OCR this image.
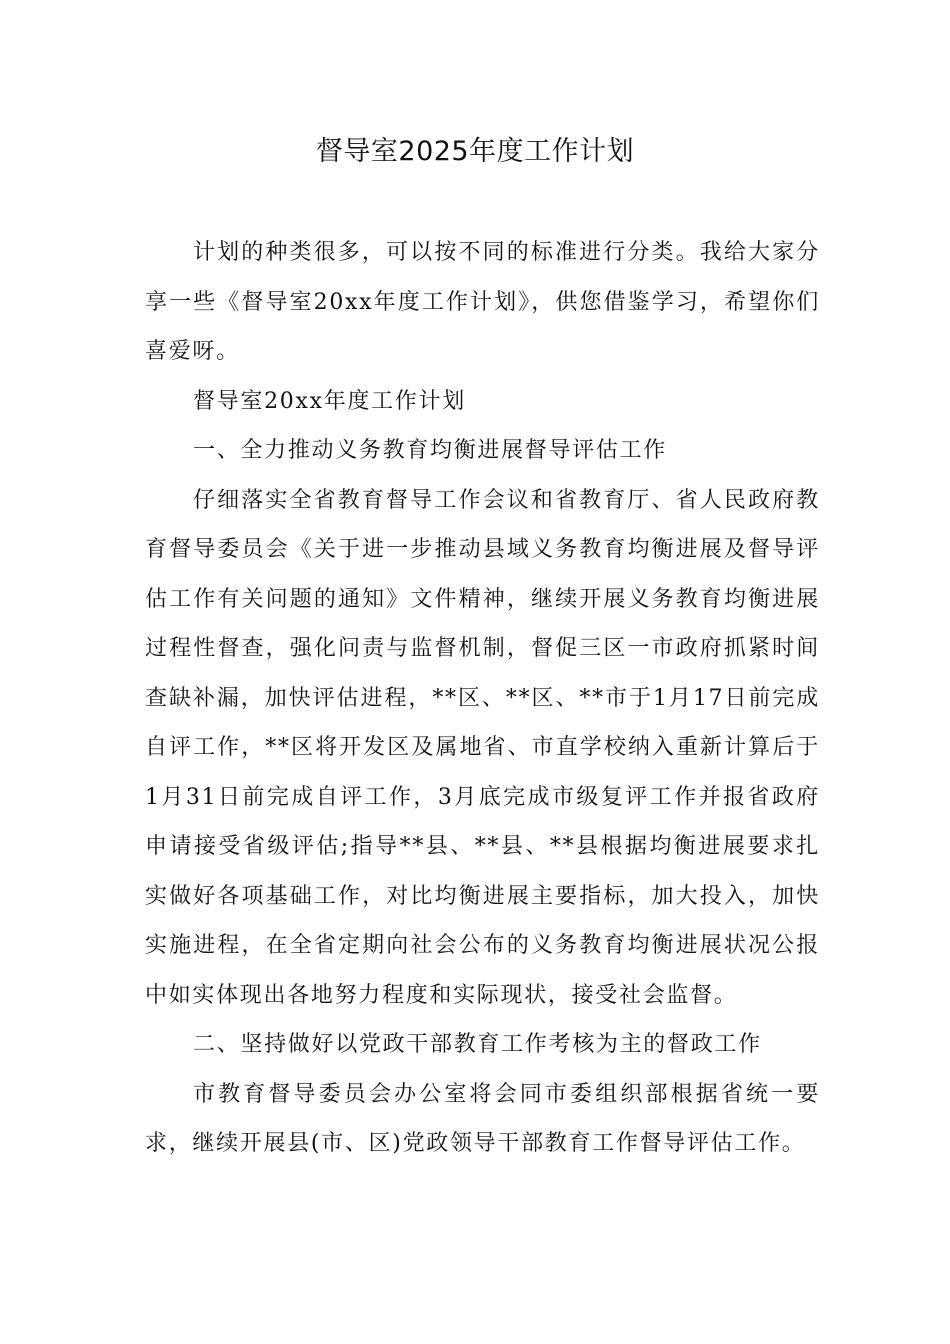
督导室2025年度工作计划

计划的种类很多，可以按不同的标准进行分类。我给大家分享一些《督导室20xx年度工作计划》，供您借鉴学习，希望你们喜爱呀。

督导室20xx年度工作计划

一、全力推动义务教育均衡进展督导评估工作

仔细落实全省教育督导工作会议和省教育厅、省人民政府教育督导委员会《关于进一步推动县域义务教育均衡进展及督导评估工作有关问题的通知》文件精神，继续开展义务教育均衡进展过程性督查，强化问责与监督机制，督促三区一市政府抓紧时间查缺补漏，加快评估进程，**区、**区、**市于1月17日前完成自评工作，**区将开发区及属地省、市直学校纳入重新计算后于1月31日前完成自评工作，3月底完成市级复评工作并报省政府申请接受省级评估;指导**县、**县、**县根据均衡进展要求扎实做好各项基础工作，对比均衡进展主要指标，加大投入，加快实施进程，在全省定期向社会公布的义务教育均衡进展状况公报中如实体现出各地努力程度和实际现状，接受社会监督。

二、坚持做好以党政干部教育工作考核为主的督政工作

市教育督导委员会办公室将会同市委组织部根据省统一要求，继续开展县(市、区)党政领导干部教育工作督导评估工作。
